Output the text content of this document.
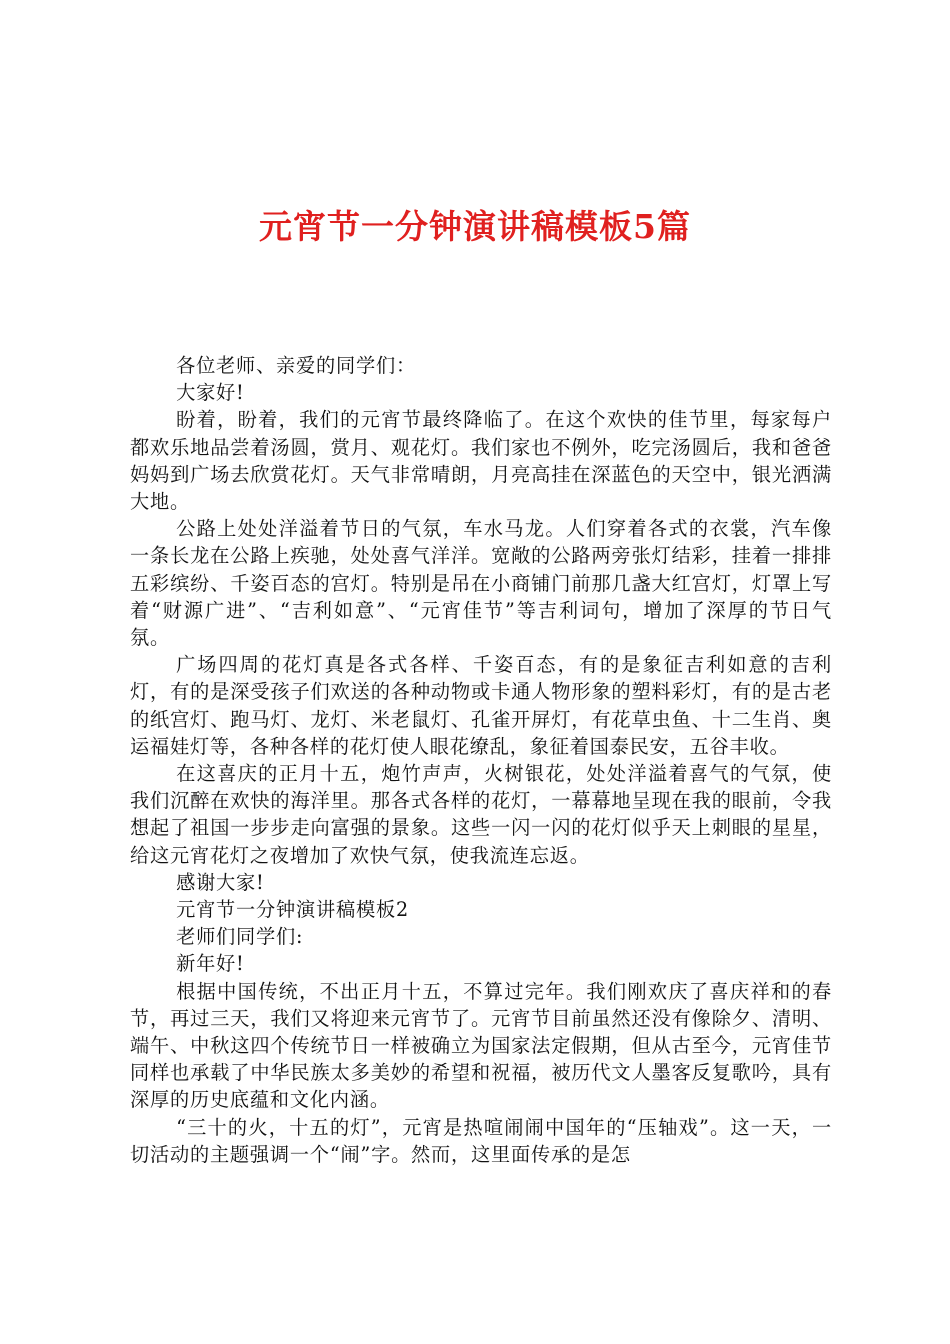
元宵节一分钟演讲稿模板5篇

各位老师、亲爱的同学们：

大家好!

盼着，盼着，我们的元宵节最终降临了。在这个欢快的佳节里，每家每户都欢乐地品尝着汤圆，赏月、观花灯。我们家也不例外，吃完汤圆后，我和爸爸妈妈到广场去欣赏花灯。天气非常晴朗，月亮高挂在深蓝色的天空中，银光洒满大地。

公路上处处洋溢着节日的气氛，车水马龙。人们穿着各式的衣裳，汽车像一条长龙在公路上疾驰，处处喜气洋洋。宽敞的公路两旁张灯结彩，挂着一排排五彩缤纷、千姿百态的宫灯。特别是吊在小商铺门前那几盏大红宫灯，灯罩上写着“财源广进”、“吉利如意”、“元宵佳节”等吉利词句，增加了深厚的节日气氛。

广场四周的花灯真是各式各样、千姿百态，有的是象征吉利如意的吉利灯，有的是深受孩子们欢送的各种动物或卡通人物形象的塑料彩灯，有的是古老的纸宫灯、跑马灯、龙灯、米老鼠灯、孔雀开屏灯，有花草虫鱼、十二生肖、奥运福娃灯等，各种各样的花灯使人眼花缭乱，象征着国泰民安，五谷丰收。

在这喜庆的正月十五，炮竹声声，火树银花，处处洋溢着喜气的气氛，使我们沉醉在欢快的海洋里。那各式各样的花灯，一幕幕地呈现在我的眼前，令我想起了祖国一步步走向富强的景象。这些一闪一闪的花灯似乎天上刺眼的星星，给这元宵花灯之夜增加了欢快气氛，使我流连忘返。

感谢大家!

元宵节一分钟演讲稿模板2

老师们同学们:

新年好!

根据中国传统，不出正月十五，不算过完年。我们刚欢庆了喜庆祥和的春节，再过三天，我们又将迎来元宵节了。元宵节目前虽然还没有像除夕、清明、端午、中秋这四个传统节日一样被确立为国家法定假期，但从古至今，元宵佳节同样也承载了中华民族太多美妙的希望和祝福，被历代文人墨客反复歌吟，具有深厚的历史底蕴和文化内涵。

“三十的火，十五的灯”，元宵是热喧闹闹中国年的“压轴戏”。这一天，一切活动的主题强调一个“闹”字。然而，这里面传承的是怎
